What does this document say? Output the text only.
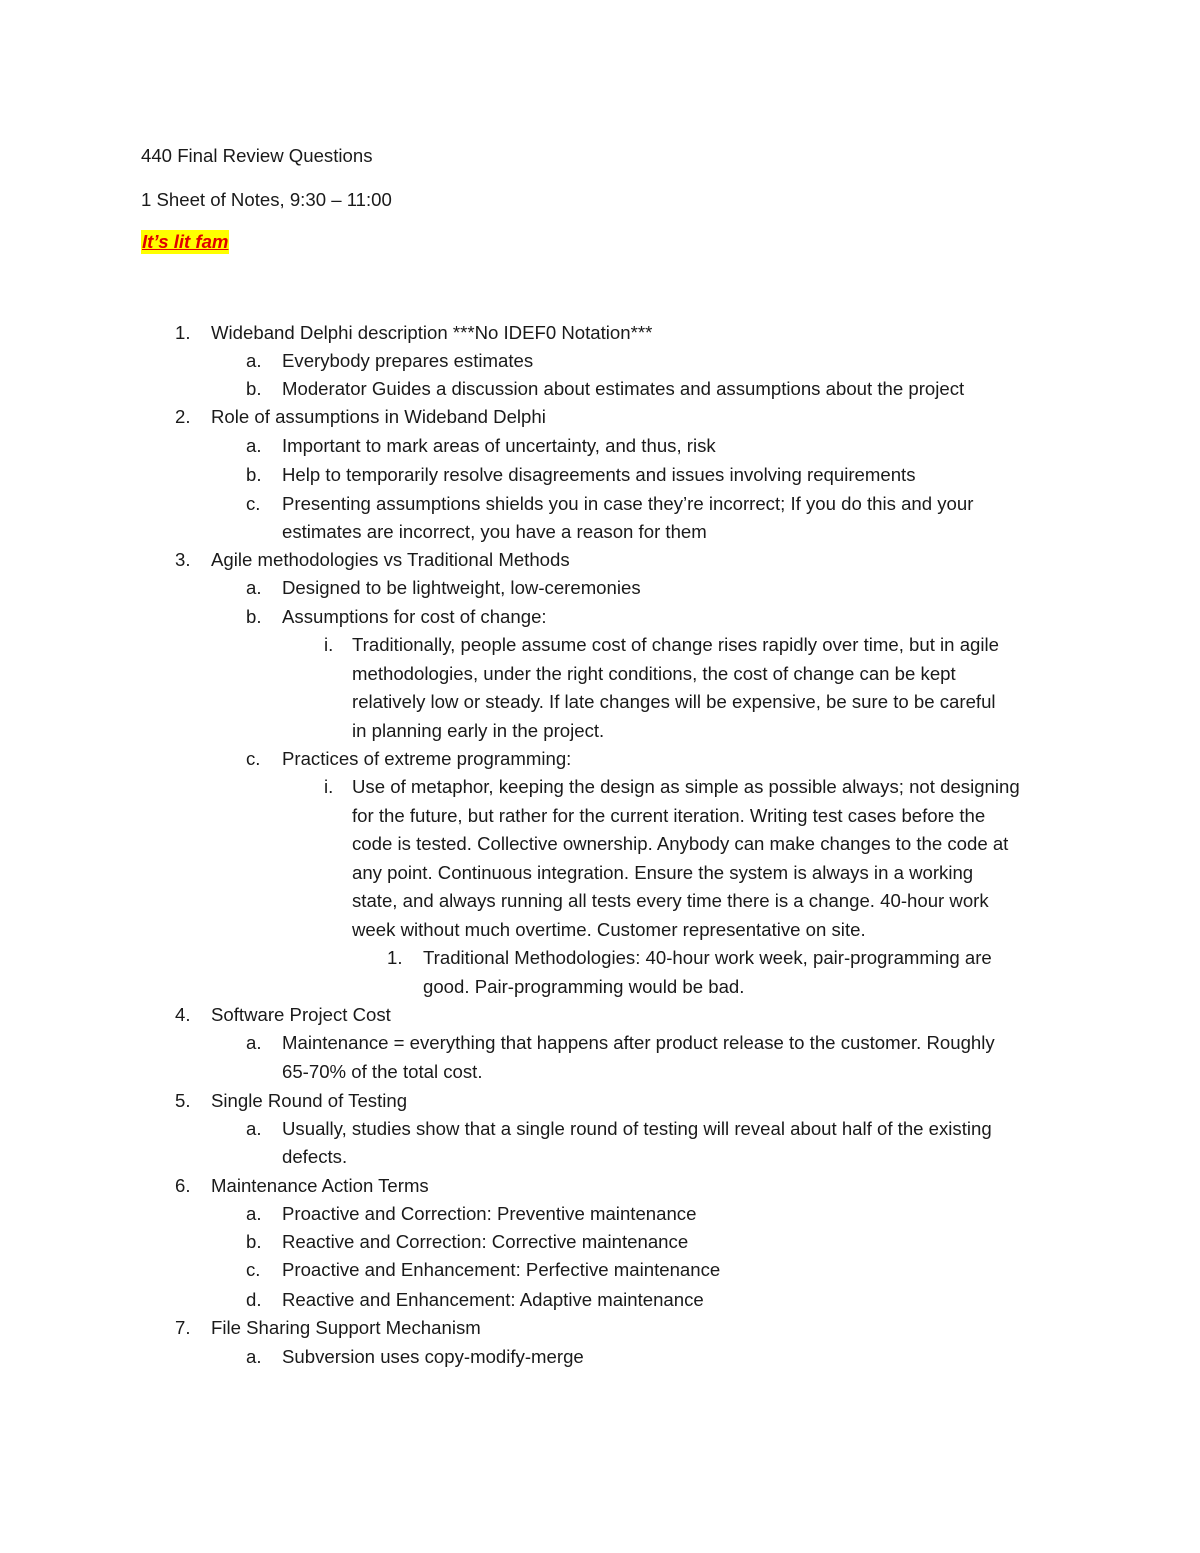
440 Final Review Questions
1 Sheet of Notes, 9:30 – 11:00
It’s lit fam
1. Wideband Delphi description ***No IDEF0 Notation***
a. Everybody prepares estimates
b. Moderator Guides a discussion about estimates and assumptions about the project
2. Role of assumptions in Wideband Delphi
a. Important to mark areas of uncertainty, and thus, risk
b. Help to temporarily resolve disagreements and issues involving requirements
c. Presenting assumptions shields you in case they’re incorrect; If you do this and your
estimates are incorrect, you have a reason for them
3. Agile methodologies vs Traditional Methods
a. Designed to be lightweight, low-ceremonies
b. Assumptions for cost of change:
i. Traditionally, people assume cost of change rises rapidly over time, but in agile
methodologies, under the right conditions, the cost of change can be kept
relatively low or steady. If late changes will be expensive, be sure to be careful
in planning early in the project.
c. Practices of extreme programming:
i. Use of metaphor, keeping the design as simple as possible always; not designing
for the future, but rather for the current iteration. Writing test cases before the
code is tested. Collective ownership. Anybody can make changes to the code at
any point. Continuous integration. Ensure the system is always in a working
state, and always running all tests every time there is a change. 40-hour work
week without much overtime. Customer representative on site.
1. Traditional Methodologies: 40-hour work week, pair-programming are
good. Pair-programming would be bad.
4. Software Project Cost
a. Maintenance = everything that happens after product release to the customer. Roughly
65-70% of the total cost.
5. Single Round of Testing
a. Usually, studies show that a single round of testing will reveal about half of the existing
defects.
6. Maintenance Action Terms
a. Proactive and Correction: Preventive maintenance
b. Reactive and Correction: Corrective maintenance
c. Proactive and Enhancement: Perfective maintenance
d. Reactive and Enhancement: Adaptive maintenance
7. File Sharing Support Mechanism
a. Subversion uses copy-modify-merge
